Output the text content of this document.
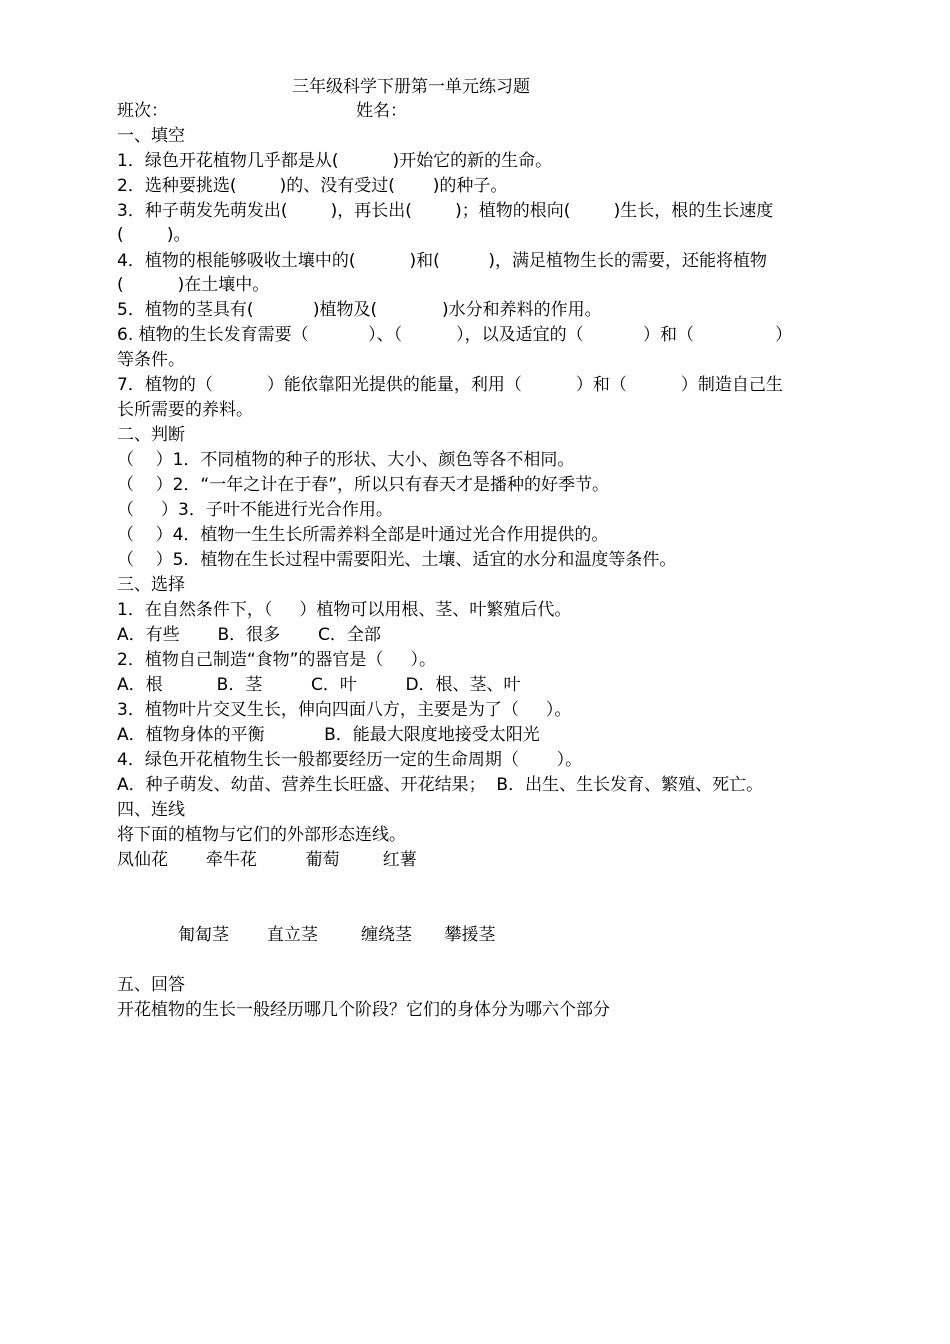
三年级科学下册第一单元练习题

班次：	姓名：

一、填空

1．绿色开花植物几乎都是从(          )开始它的新的生命。

2．选种要挑选(        )的、没有受过(       )的种子。

3．种子萌发先萌发出(        )，再长出(        )；植物的根向(        )生长，根的生长速度

(        )。

4．植物的根能够吸收土壤中的(          )和(         )，满足植物生长的需要，还能将植物

(          )在土壤中。

5．植物的茎具有(           )植物及(            )水分和养料的作用。

6. 植物的生长发育需要（           ）、（          ），以及适宜的（           ）和（               ）

等条件。

7．植物的（          ）能依靠阳光提供的能量，利用（          ）和（          ）制造自己生

长所需要的养料。

二、判断

（    ）1．不同植物的种子的形状、大小、颜色等各不相同。

（    ）2．“一年之计在于春”，所以只有春天才是播种的好季节。

（     ）3．子叶不能进行光合作用。

（    ）4．植物一生生长所需养料全部是叶通过光合作用提供的。

（    ）5．植物在生长过程中需要阳光、土壤、适宜的水分和温度等条件。

三、选择

1．在自然条件下，（     ）植物可以用根、茎、叶繁殖后代。

A．有些       B．很多       C．全部

2．植物自己制造“食物”的器官是（     ）。

A．根          B．茎         C．叶         D．根、茎、叶

3．植物叶片交叉生长，伸向四面八方，主要是为了（     ）。

A．植物身体的平衡           B．能最大限度地接受太阳光

4．绿色开花植物生长一般都要经历一定的生命周期（       ）。

A．种子萌发、幼苗、营养生长旺盛、开花结果；  B．出生、生长发育、繁殖、死亡。

四、连线

将下面的植物与它们的外部形态连线。

凤仙花       牵牛花         葡萄        红薯

匍匐茎       直立茎        缠绕茎      攀援茎

五、回答

开花植物的生长一般经历哪几个阶段？它们的身体分为哪六个部分
